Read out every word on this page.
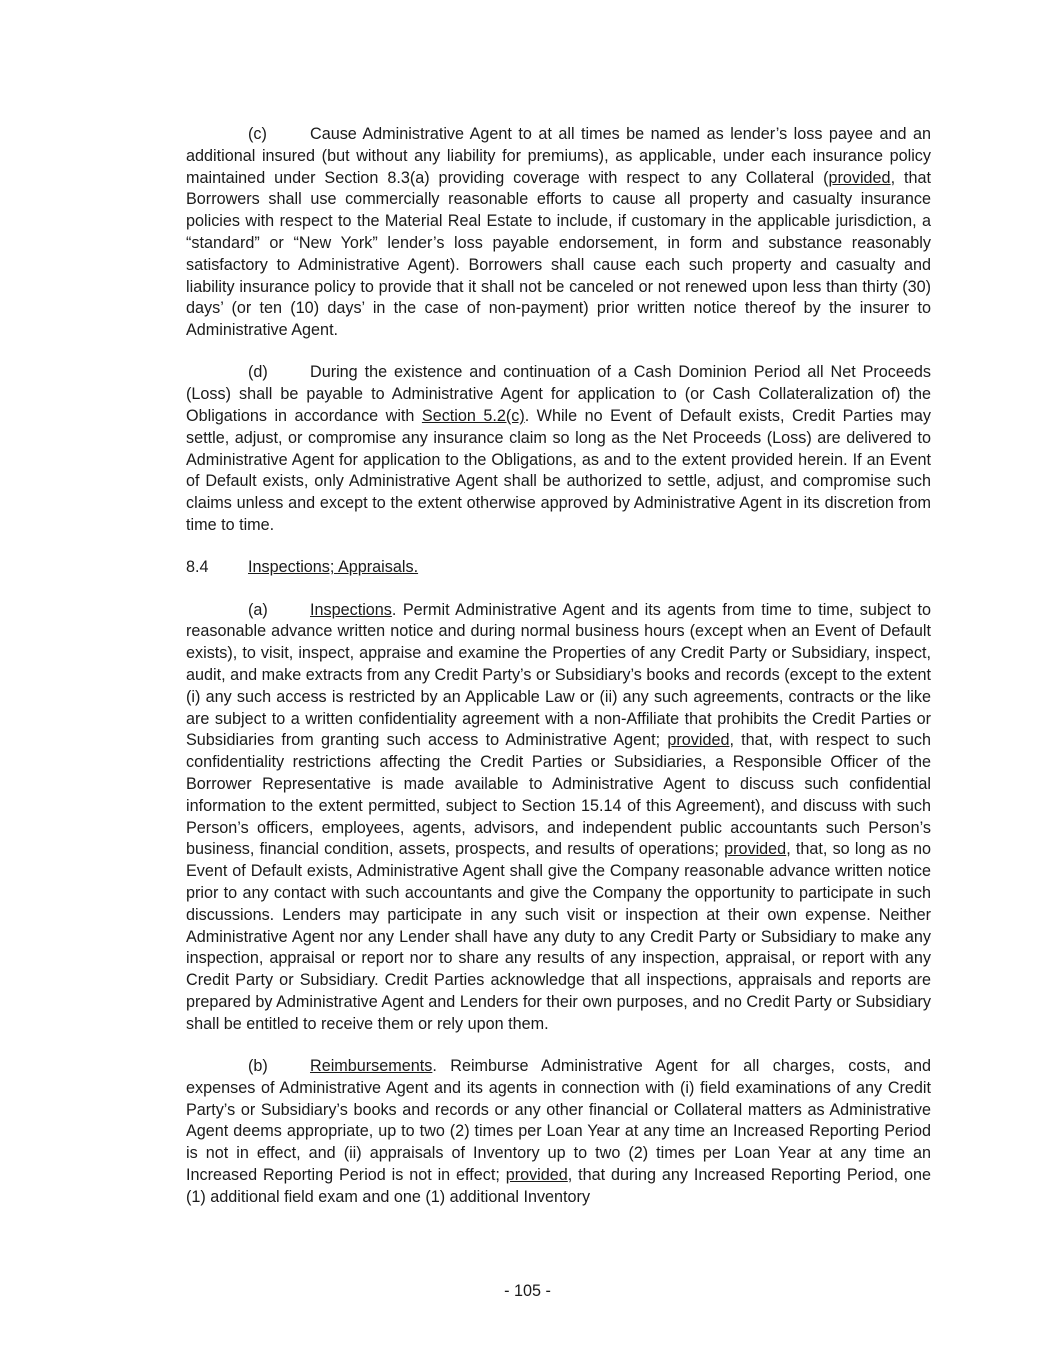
(c)	Cause Administrative Agent to at all times be named as lender’s loss payee and an additional insured (but without any liability for premiums), as applicable, under each insurance policy maintained under Section 8.3(a) providing coverage with respect to any Collateral (provided, that Borrowers shall use commercially reasonable efforts to cause all property and casualty insurance policies with respect to the Material Real Estate to include, if customary in the applicable jurisdiction, a “standard” or “New York” lender’s loss payable endorsement, in form and substance reasonably satisfactory to Administrative Agent). Borrowers shall cause each such property and casualty and liability insurance policy to provide that it shall not be canceled or not renewed upon less than thirty (30) days’ (or ten (10) days’ in the case of non-payment) prior written notice thereof by the insurer to Administrative Agent.

(d)	During the existence and continuation of a Cash Dominion Period all Net Proceeds (Loss) shall be payable to Administrative Agent for application to (or Cash Collateralization of) the Obligations in accordance with Section 5.2(c). While no Event of Default exists, Credit Parties may settle, adjust, or compromise any insurance claim so long as the Net Proceeds (Loss) are delivered to Administrative Agent for application to the Obligations, as and to the extent provided herein. If an Event of Default exists, only Administrative Agent shall be authorized to settle, adjust, and compromise such claims unless and except to the extent otherwise approved by Administrative Agent in its discretion from time to time.

8.4 Inspections; Appraisals.

(a)	Inspections. Permit Administrative Agent and its agents from time to time, subject to reasonable advance written notice and during normal business hours (except when an Event of Default exists), to visit, inspect, appraise and examine the Properties of any Credit Party or Subsidiary, inspect, audit, and make extracts from any Credit Party’s or Subsidiary’s books and records (except to the extent (i) any such access is restricted by an Applicable Law or (ii) any such agreements, contracts or the like are subject to a written confidentiality agreement with a non-Affiliate that prohibits the Credit Parties or Subsidiaries from granting such access to Administrative Agent; provided, that, with respect to such confidentiality restrictions affecting the Credit Parties or Subsidiaries, a Responsible Officer of the Borrower Representative is made available to Administrative Agent to discuss such confidential information to the extent permitted, subject to Section 15.14 of this Agreement), and discuss with such Person’s officers, employees, agents, advisors, and independent public accountants such Person’s business, financial condition, assets, prospects, and results of operations; provided, that, so long as no Event of Default exists, Administrative Agent shall give the Company reasonable advance written notice prior to any contact with such accountants and give the Company the opportunity to participate in such discussions. Lenders may participate in any such visit or inspection at their own expense. Neither Administrative Agent nor any Lender shall have any duty to any Credit Party or Subsidiary to make any inspection, appraisal or report nor to share any results of any inspection, appraisal, or report with any Credit Party or Subsidiary. Credit Parties acknowledge that all inspections, appraisals and reports are prepared by Administrative Agent and Lenders for their own purposes, and no Credit Party or Subsidiary shall be entitled to receive them or rely upon them.

(b)	Reimbursements. Reimburse Administrative Agent for all charges, costs, and expenses of Administrative Agent and its agents in connection with (i) field examinations of any Credit Party’s or Subsidiary’s books and records or any other financial or Collateral matters as Administrative Agent deems appropriate, up to two (2) times per Loan Year at any time an Increased Reporting Period is not in effect, and (ii) appraisals of Inventory up to two (2) times per Loan Year at any time an Increased Reporting Period is not in effect; provided, that during any Increased Reporting Period, one (1) additional field exam and one (1) additional Inventory

- 105 -
